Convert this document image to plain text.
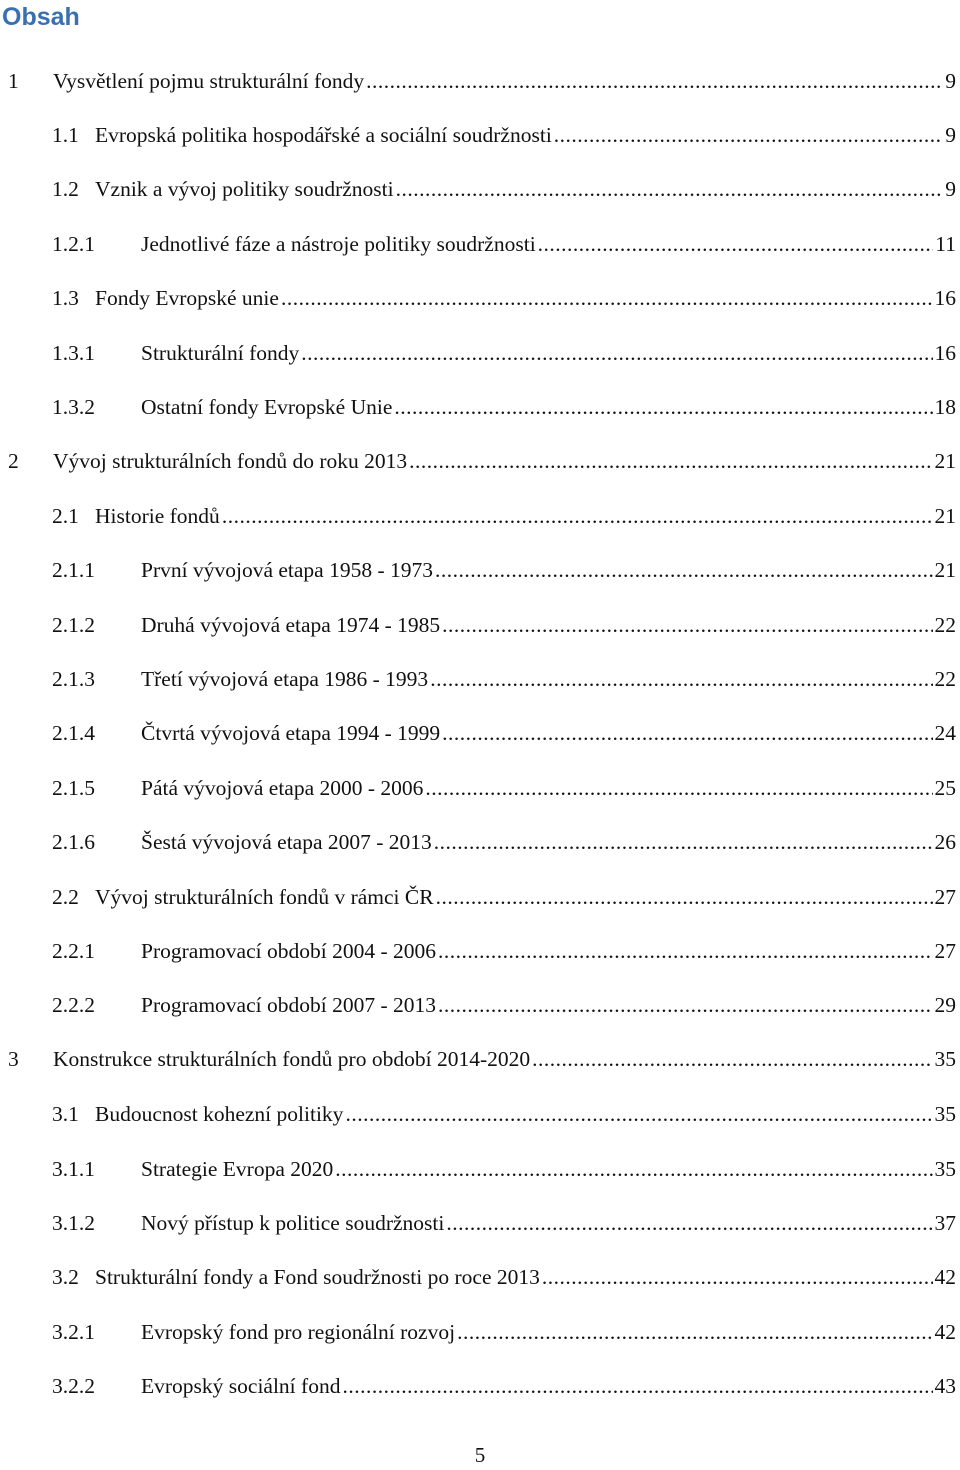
Obsah
1	Vysvětlení pojmu strukturální fondy .....	9
1.1 Evropská politika hospodářské a sociální soudržnosti .....	9
1.2 Vznik a vývoj politiky soudržnosti .....	9
1.2.1	Jednotlivé fáze a nástroje politiky soudržnosti .....	11
1.3 Fondy Evropské unie .....	16
1.3.1	Strukturální fondy .....	16
1.3.2	Ostatní fondy Evropské Unie .....	18
2	Vývoj strukturálních fondů do roku 2013 .....	21
2.1 Historie fondů .....	21
2.1.1	První vývojová etapa 1958 - 1973 .....	21
2.1.2	Druhá vývojová etapa 1974 - 1985 .....	22
2.1.3	Třetí vývojová etapa 1986 - 1993 .....	22
2.1.4	Čtvrtá vývojová etapa 1994 - 1999 .....	24
2.1.5	Pátá vývojová etapa 2000 - 2006 .....	25
2.1.6	Šestá vývojová etapa 2007 - 2013 .....	26
2.2 Vývoj strukturálních fondů v rámci ČR .....	27
2.2.1	Programovací období 2004 - 2006 .....	27
2.2.2	Programovací období 2007 - 2013 .....	29
3	Konstrukce strukturálních fondů pro období 2014-2020 .....	35
3.1 Budoucnost kohezní politiky .....	35
3.1.1	Strategie Evropa 2020 .....	35
3.1.2	Nový přístup k politice soudržnosti .....	37
3.2 Strukturální fondy a Fond soudržnosti po roce 2013 .....	42
3.2.1	Evropský fond pro regionální rozvoj .....	42
3.2.2	Evropský sociální fond .....	43
5
